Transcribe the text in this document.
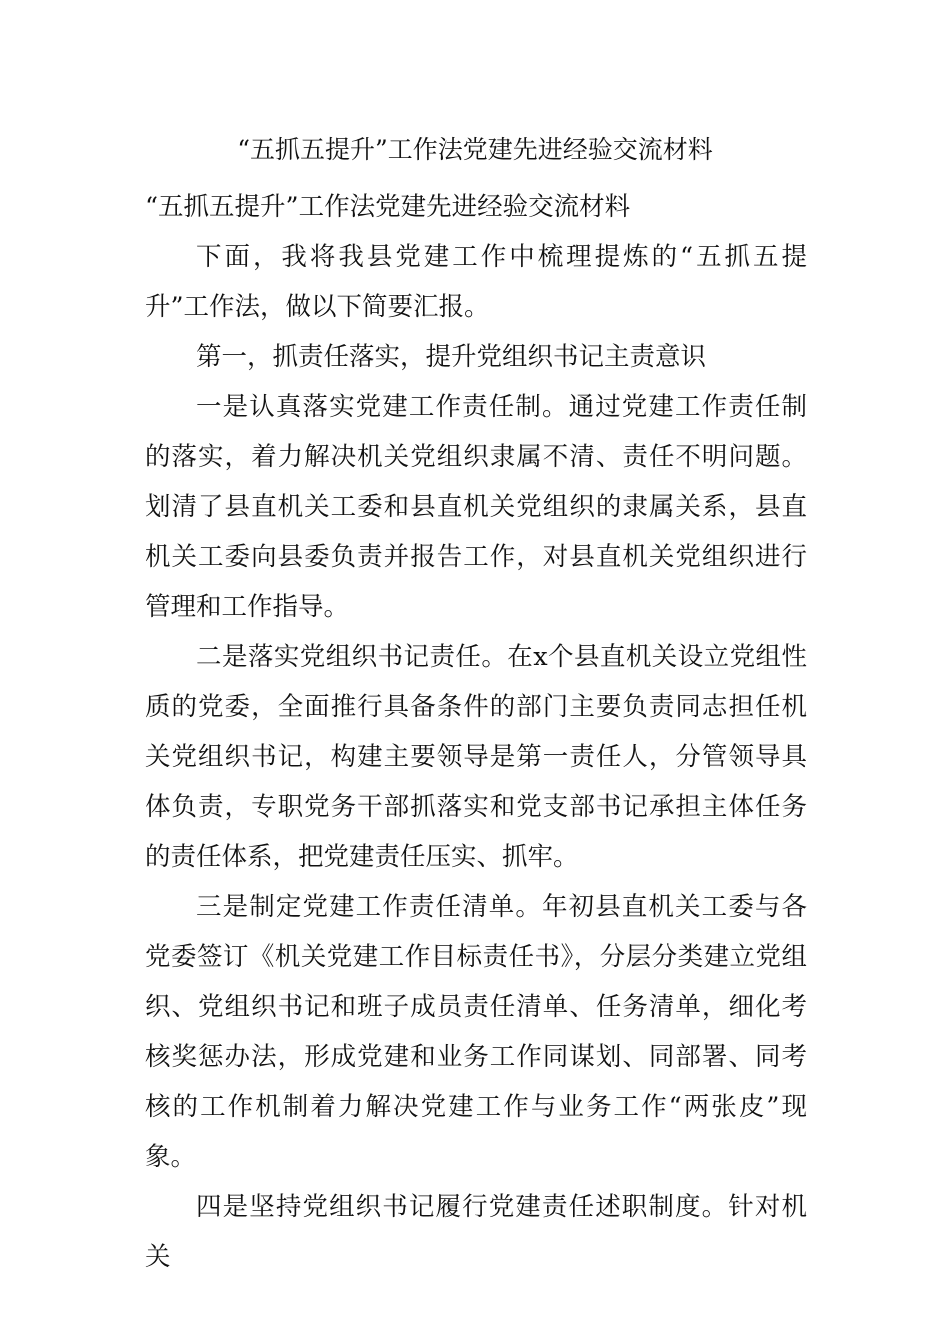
“五抓五提升”工作法党建先进经验交流材料

“五抓五提升”工作法党建先进经验交流材料

下面，我将我县党建工作中梳理提炼的“五抓五提升”工作法，做以下简要汇报。

第一，抓责任落实，提升党组织书记主责意识

一是认真落实党建工作责任制。通过党建工作责任制的落实，着力解决机关党组织隶属不清、责任不明问题。划清了县直机关工委和县直机关党组织的隶属关系，县直机关工委向县委负责并报告工作，对县直机关党组织进行管理和工作指导。

二是落实党组织书记责任。在x个县直机关设立党组性质的党委，全面推行具备条件的部门主要负责同志担任机关党组织书记，构建主要领导是第一责任人，分管领导具体负责，专职党务干部抓落实和党支部书记承担主体任务的责任体系，把党建责任压实、抓牢。

三是制定党建工作责任清单。年初县直机关工委与各党委签订《机关党建工作目标责任书》，分层分类建立党组织、党组织书记和班子成员责任清单、任务清单，细化考核奖惩办法，形成党建和业务工作同谋划、同部署、同考核的工作机制着力解决党建工作与业务工作“两张皮”现象。

四是坚持党组织书记履行党建责任述职制度。针对机关
